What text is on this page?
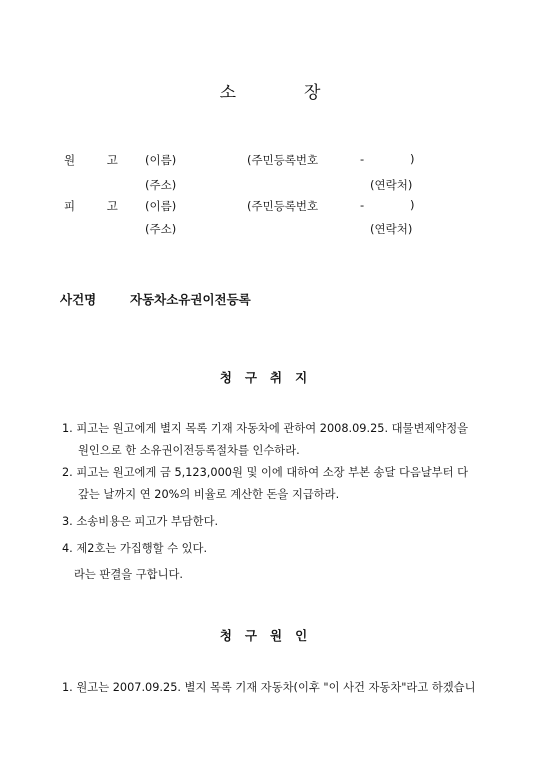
소	장
원 고 (이름)	(주민등록번호	-	)
(주소)	(연락처)
피 고 (이름)	(주민등록번호	-	)
(주소)	(연락처)
사건명	자동차소유권이전등록
청구취지
1. 피고는 원고에게 별지 목록 기재 자동차에 관하여 2008.09.25. 대물변제약정을
원인으로 한 소유권이전등록절차를 인수하라.
2. 피고는 원고에게 금 5,123,000원 및 이에 대하여 소장 부본 송달 다음날부터 다
갚는 날까지 연 20%의 비율로 계산한 돈을 지급하라.
3. 소송비용은 피고가 부담한다.
4. 제2호는 가집행할 수 있다.
라는 판결을 구합니다.
청구원인
1. 원고는 2007.09.25. 별지 목록 기재 자동차(이후 "이 사건 자동차"라고 하겠습니
